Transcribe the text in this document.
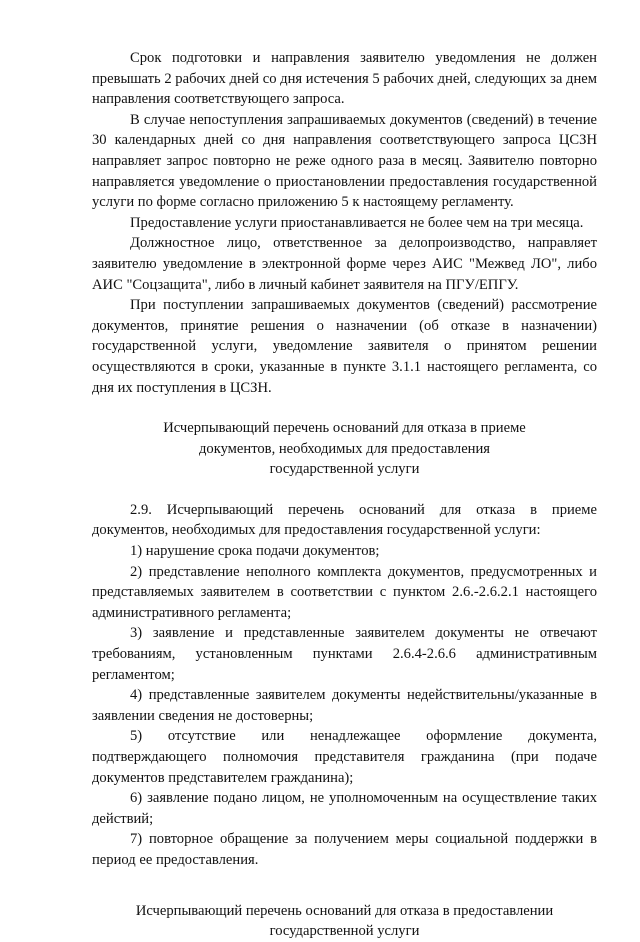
Срок подготовки и направления заявителю уведомления не должен превышать 2 рабочих дней со дня истечения 5 рабочих дней, следующих за днем направления соответствующего запроса.

В случае непоступления запрашиваемых документов (сведений) в течение 30 календарных дней со дня направления соответствующего запроса ЦСЗН направляет запрос повторно не реже одного раза в месяц. Заявителю повторно направляется уведомление о приостановлении предоставления государственной услуги по форме согласно приложению 5 к настоящему регламенту.

Предоставление услуги приостанавливается не более чем на три месяца.

Должностное лицо, ответственное за делопроизводство, направляет заявителю уведомление в электронной форме через АИС "Межвед ЛО", либо АИС "Соцзащита", либо в личный кабинет заявителя на ПГУ/ЕПГУ.

При поступлении запрашиваемых документов (сведений) рассмотрение документов, принятие решения о назначении (об отказе в назначении) государственной услуги, уведомление заявителя о принятом решении осуществляются в сроки, указанные в пункте 3.1.1 настоящего регламента, со дня их поступления в ЦСЗН.

Исчерпывающий перечень оснований для отказа в приеме
документов, необходимых для предоставления
государственной услуги

2.9. Исчерпывающий перечень оснований для отказа в приеме документов, необходимых для предоставления государственной услуги:

1) нарушение срока подачи документов;

2) представление неполного комплекта документов, предусмотренных и представляемых заявителем в соответствии с пунктом 2.6.-2.6.2.1 настоящего административного регламента;

3) заявление и представленные заявителем документы не отвечают требованиям, установленным пунктами 2.6.4-2.6.6 административным регламентом;

4) представленные заявителем документы недействительны/указанные в заявлении сведения не достоверны;

5) отсутствие или ненадлежащее оформление документа, подтверждающего полномочия представителя гражданина (при подаче документов представителем гражданина);

6) заявление подано лицом, не уполномоченным на осуществление таких действий;

7) повторное обращение за получением меры социальной поддержки в период ее предоставления.

Исчерпывающий перечень оснований для отказа в предоставлении
государственной услуги
